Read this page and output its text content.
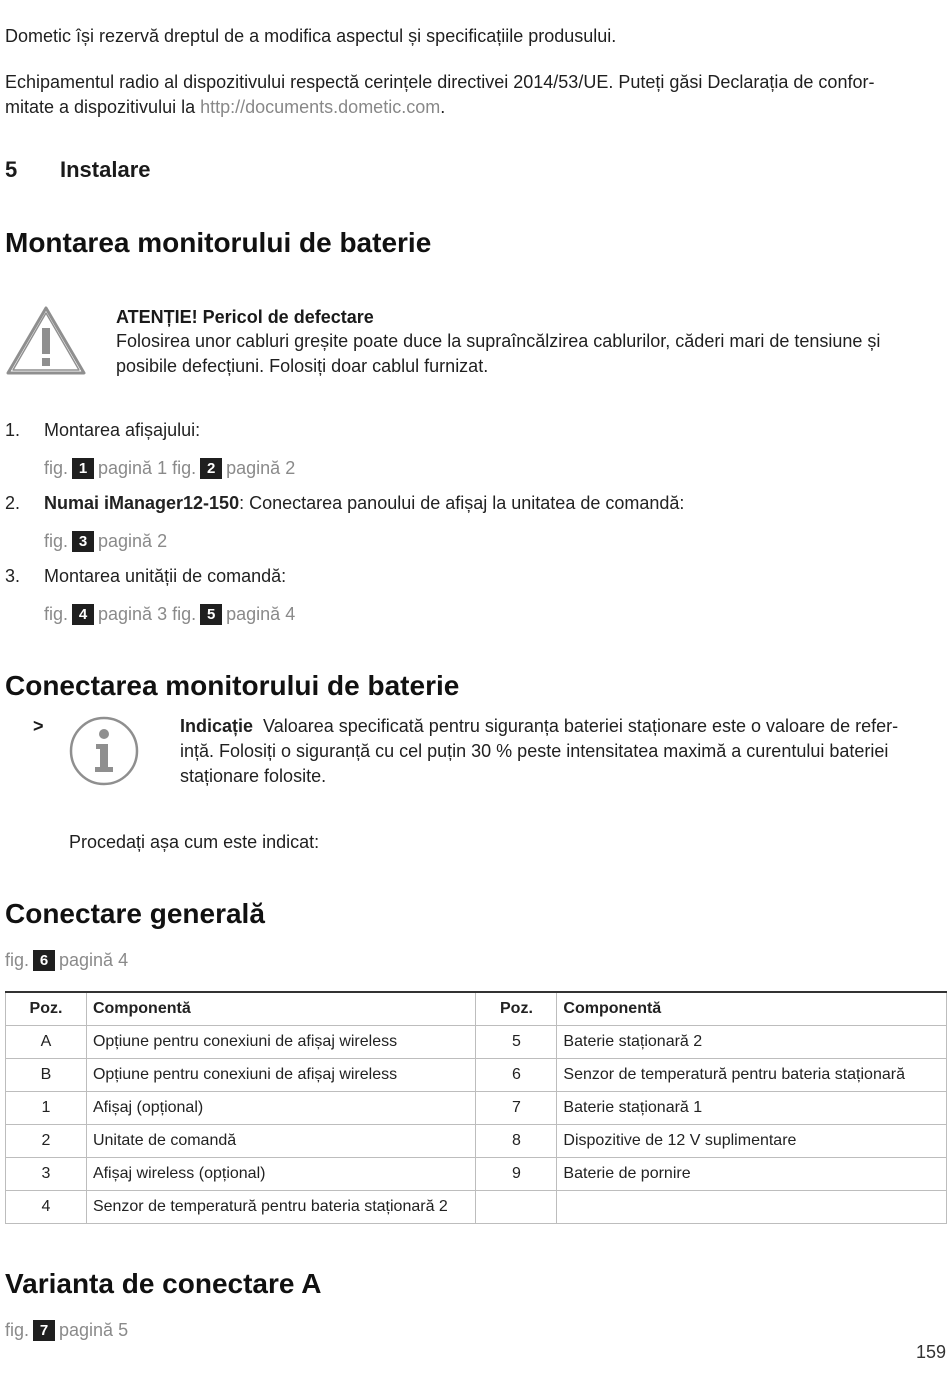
Dometic își rezervă dreptul de a modifica aspectul și specificațiile produsului.
Echipamentul radio al dispozitivului respectă cerințele directivei 2014/53/UE. Puteți găsi Declarația de confor-
mitate a dispozitivului la http://documents.dometic.com.
5 Instalare
Montarea monitorului de baterie
ATENȚIE! Pericol de defectare
Folosirea unor cabluri greșite poate duce la supraîncălzirea cablurilor, căderi mari de tensiune și
posibile defecțiuni. Folosiți doar cablul furnizat.
1. Montarea afișajului:
fig. 1 pagină 1 fig. 2 pagină 2
2. Numai iManager12-150: Conectarea panoului de afișaj la unitatea de comandă:
fig. 3 pagină 2
3. Montarea unității de comandă:
fig. 4 pagină 3 fig. 5 pagină 4
Conectarea monitorului de baterie
>	Indicație Valoarea specificată pentru siguranța bateriei staționare este o valoare de refer-
ință. Folosiți o siguranță cu cel puțin 30 % peste intensitatea maximă a curentului bateriei
staționare folosite.
Procedați așa cum este indicat:
Conectare generală
fig. 6 pagină 4
Poz.	Componentă	Poz.	Componentă
A	Opțiune pentru conexiuni de afișaj wireless	5	Baterie staționară 2
B	Opțiune pentru conexiuni de afișaj wireless	6	Senzor de temperatură pentru bateria staționară
1	Afișaj (opțional)	7	Baterie staționară 1
2	Unitate de comandă	8	Dispozitive de 12 V suplimentare
3	Afișaj wireless (opțional)	9	Baterie de pornire
4	Senzor de temperatură pentru bateria staționară 2		
Varianta de conectare A
fig. 7 pagină 5
159
